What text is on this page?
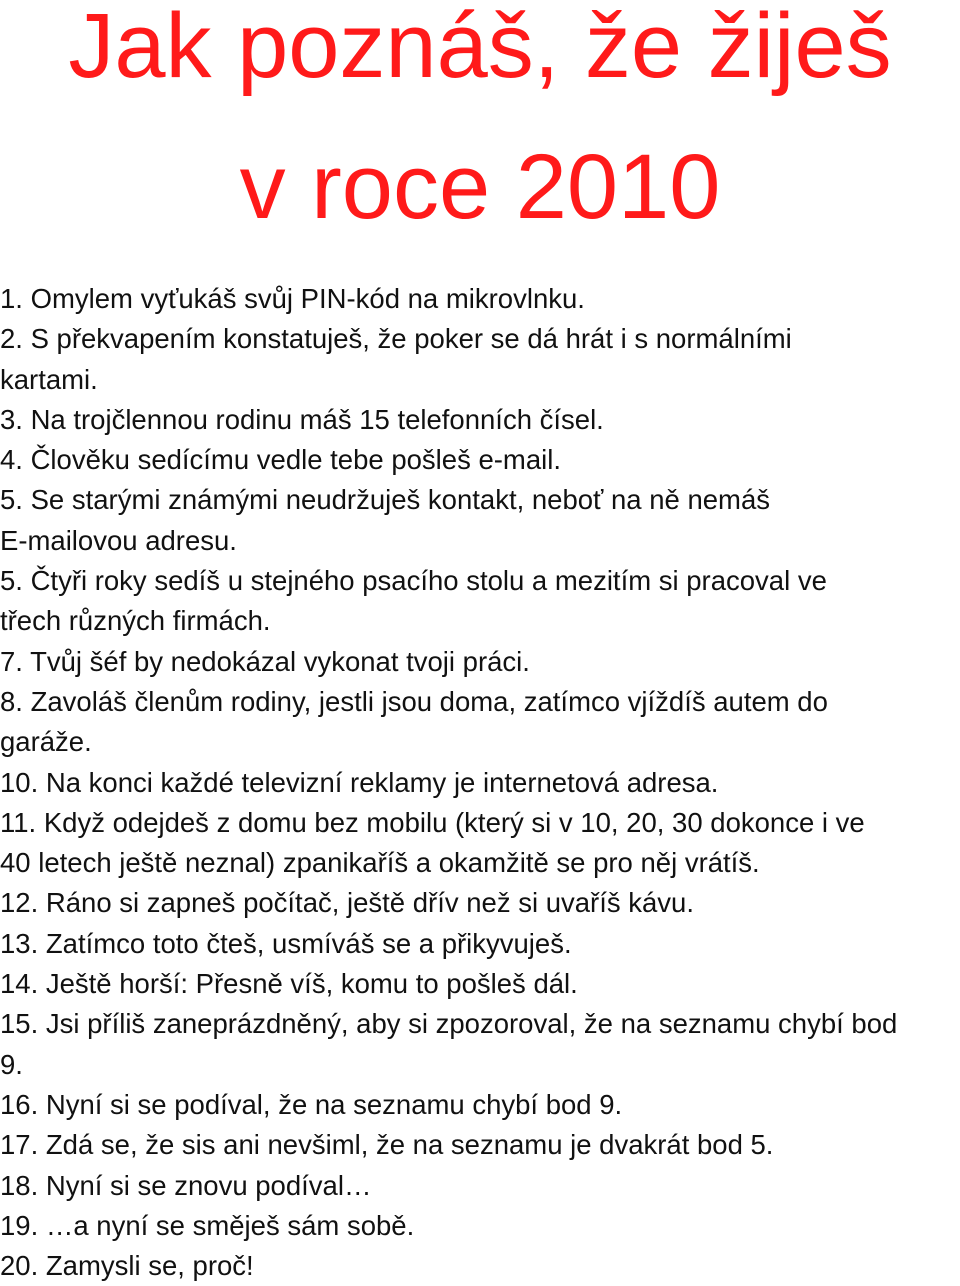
Jak poznáš, že žiješ
v roce 2010
1. Omylem vyťukáš svůj PIN-kód na mikrovlnku.
2. S překvapením konstatuješ, že poker se dá hrát i s normálními
kartami.
3. Na trojčlennou rodinu máš 15 telefonních čísel.
4. Člověku sedícímu vedle tebe pošleš e-mail.
5. Se starými známými neudržuješ kontakt, neboť na ně nemáš
E-mailovou adresu.
5. Čtyři roky sedíš u stejného psacího stolu a mezitím si pracoval ve
třech různých firmách.
7. Tvůj šéf by nedokázal vykonat tvoji práci.
8. Zavoláš členům rodiny, jestli jsou doma, zatímco vjíždíš autem do
garáže.
10. Na konci každé televizní reklamy je internetová adresa.
11. Když odejdeš z domu bez mobilu (který si v 10, 20, 30 dokonce i ve
40 letech ještě neznal) zpanikaříš a okamžitě se pro něj vrátíš.
12. Ráno si zapneš počítač, ještě dřív než si uvaříš kávu.
13. Zatímco toto čteš, usmíváš se a přikyvuješ.
14. Ještě horší: Přesně víš, komu to pošleš dál.
15. Jsi příliš zaneprázdněný, aby si zpozoroval, že na seznamu chybí bod
9.
16. Nyní si se podíval, že na seznamu chybí bod 9.
17. Zdá se, že sis ani nevšiml, že na seznamu je dvakrát bod 5.
18. Nyní si se znovu podíval…
19. …a nyní se směješ sám sobě.
20. Zamysli se, proč!
